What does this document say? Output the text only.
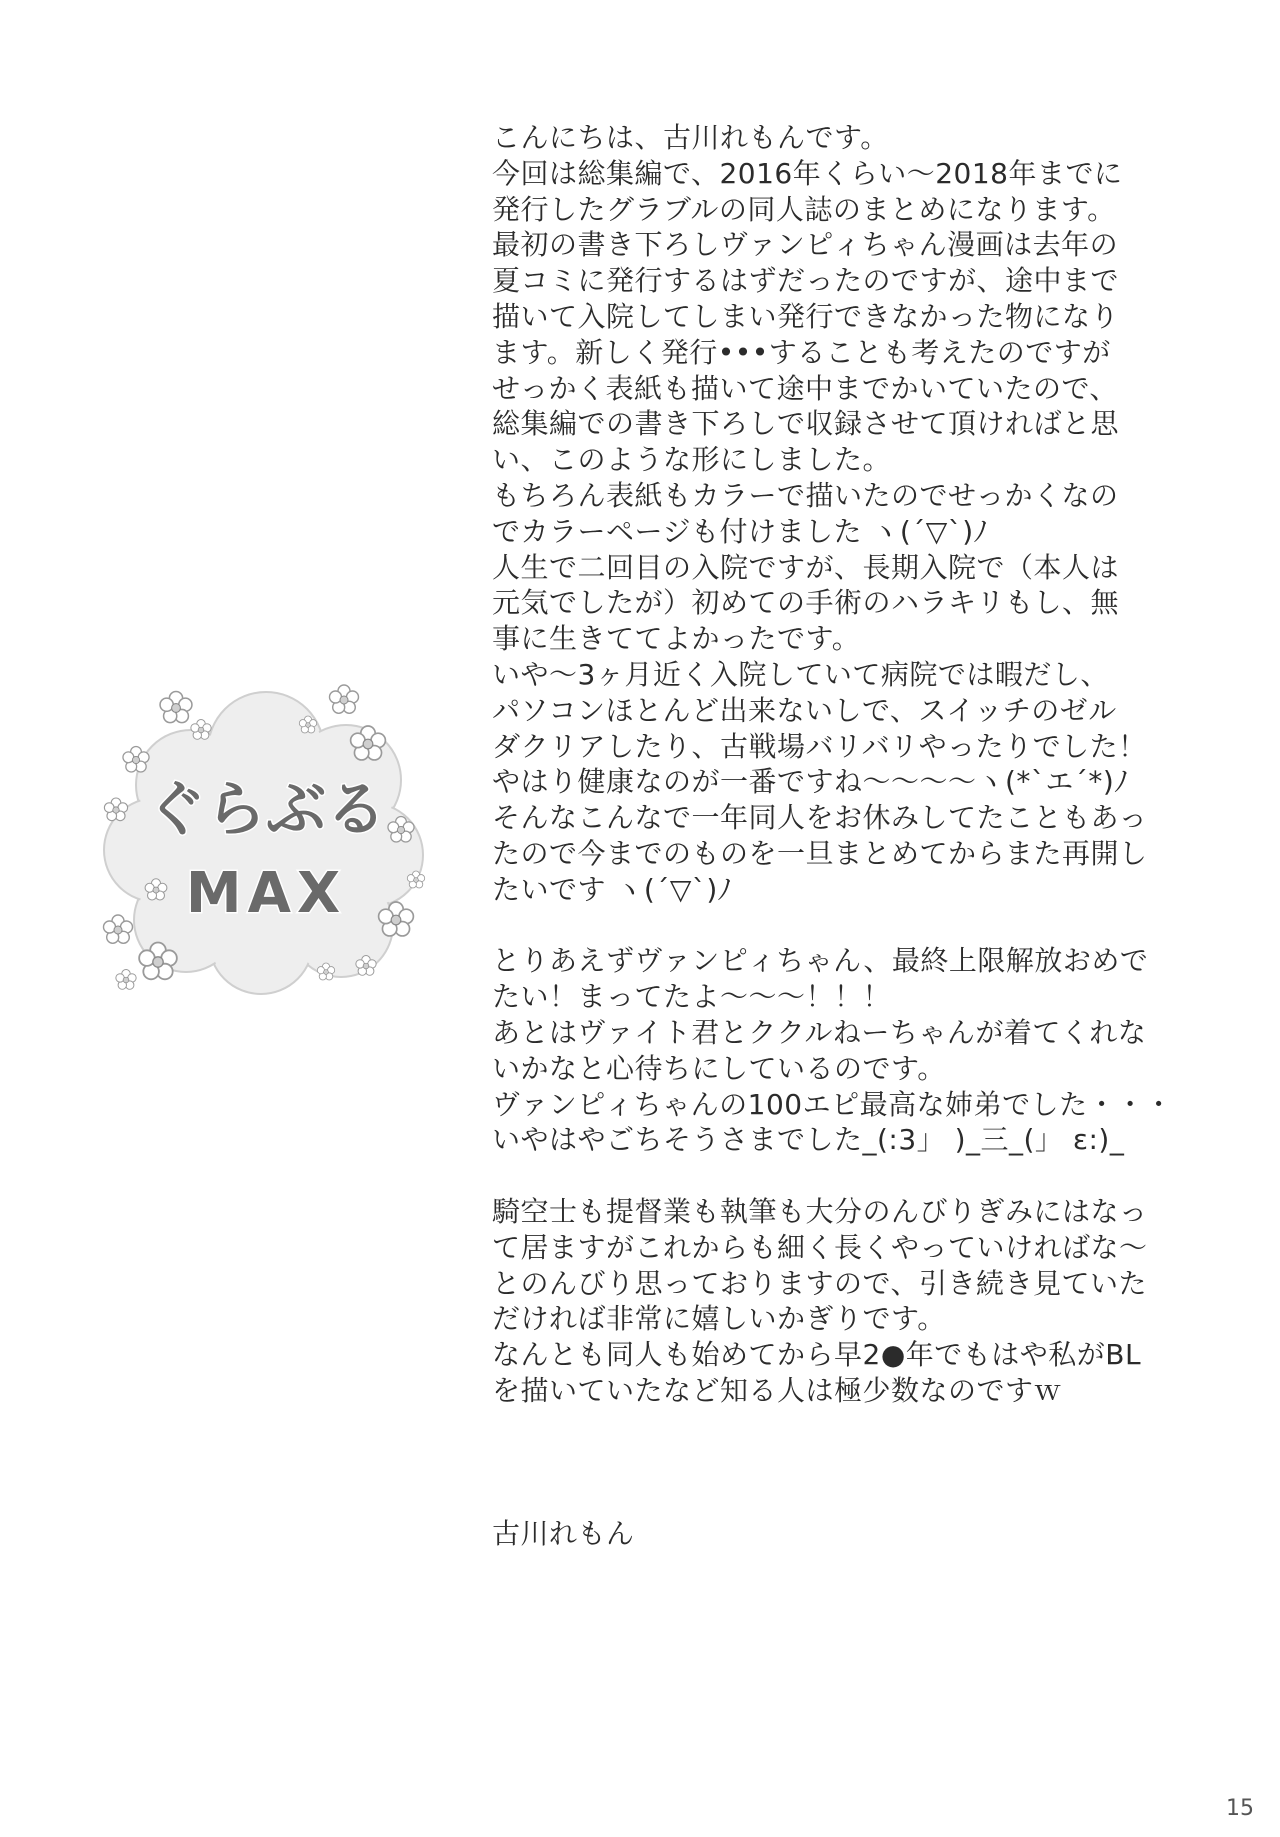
ぐらぶる
MAX
こんにちは、古川れもんです。
今回は総集編で、2016年くらい〜2018年までに
発行したグラブルの同人誌のまとめになります。
最初の書き下ろしヴァンピィちゃん漫画は去年の
夏コミに発行するはずだったのですが、途中まで
描いて入院してしまい発行できなかった物になり
ます。新しく発行•••することも考えたのですが
せっかく表紙も描いて途中までかいていたので、
総集編での書き下ろしで収録させて頂ければと思
い、このような形にしました。
もちろん表紙もカラーで描いたのでせっかくなの
でカラーページも付けました ヽ(´▽`)ﾉ
人生で二回目の入院ですが、長期入院で（本人は
元気でしたが）初めての手術のハラキリもし、無
事に生きててよかったです。
いや〜3ヶ月近く入院していて病院では暇だし、
パソコンほとんど出来ないしで、スイッチのゼル
ダクリアしたり、古戦場バリバリやったりでした！
やはり健康なのが一番ですね〜〜〜〜ヽ(*`エ´*)ﾉ
そんなこんなで一年同人をお休みしてたこともあっ
たので今までのものを一旦まとめてからまた再開し
たいです ヽ(´▽`)ﾉ
とりあえずヴァンピィちゃん、最終上限解放おめで
たい！まってたよ〜〜〜！！！
あとはヴァイト君とククルねーちゃんが着てくれな
いかなと心待ちにしているのです。
ヴァンピィちゃんの100エピ最高な姉弟でした・・・
いやはやごちそうさまでした_(:3」 )_三_(」 ε:)_
騎空士も提督業も執筆も大分のんびりぎみにはなっ
て居ますがこれからも細く長くやっていければな〜
とのんびり思っておりますので、引き続き見ていた
だければ非常に嬉しいかぎりです。
なんとも同人も始めてから早2●年でもはや私がBL
を描いていたなど知る人は極少数なのですｗ
古川れもん
15
